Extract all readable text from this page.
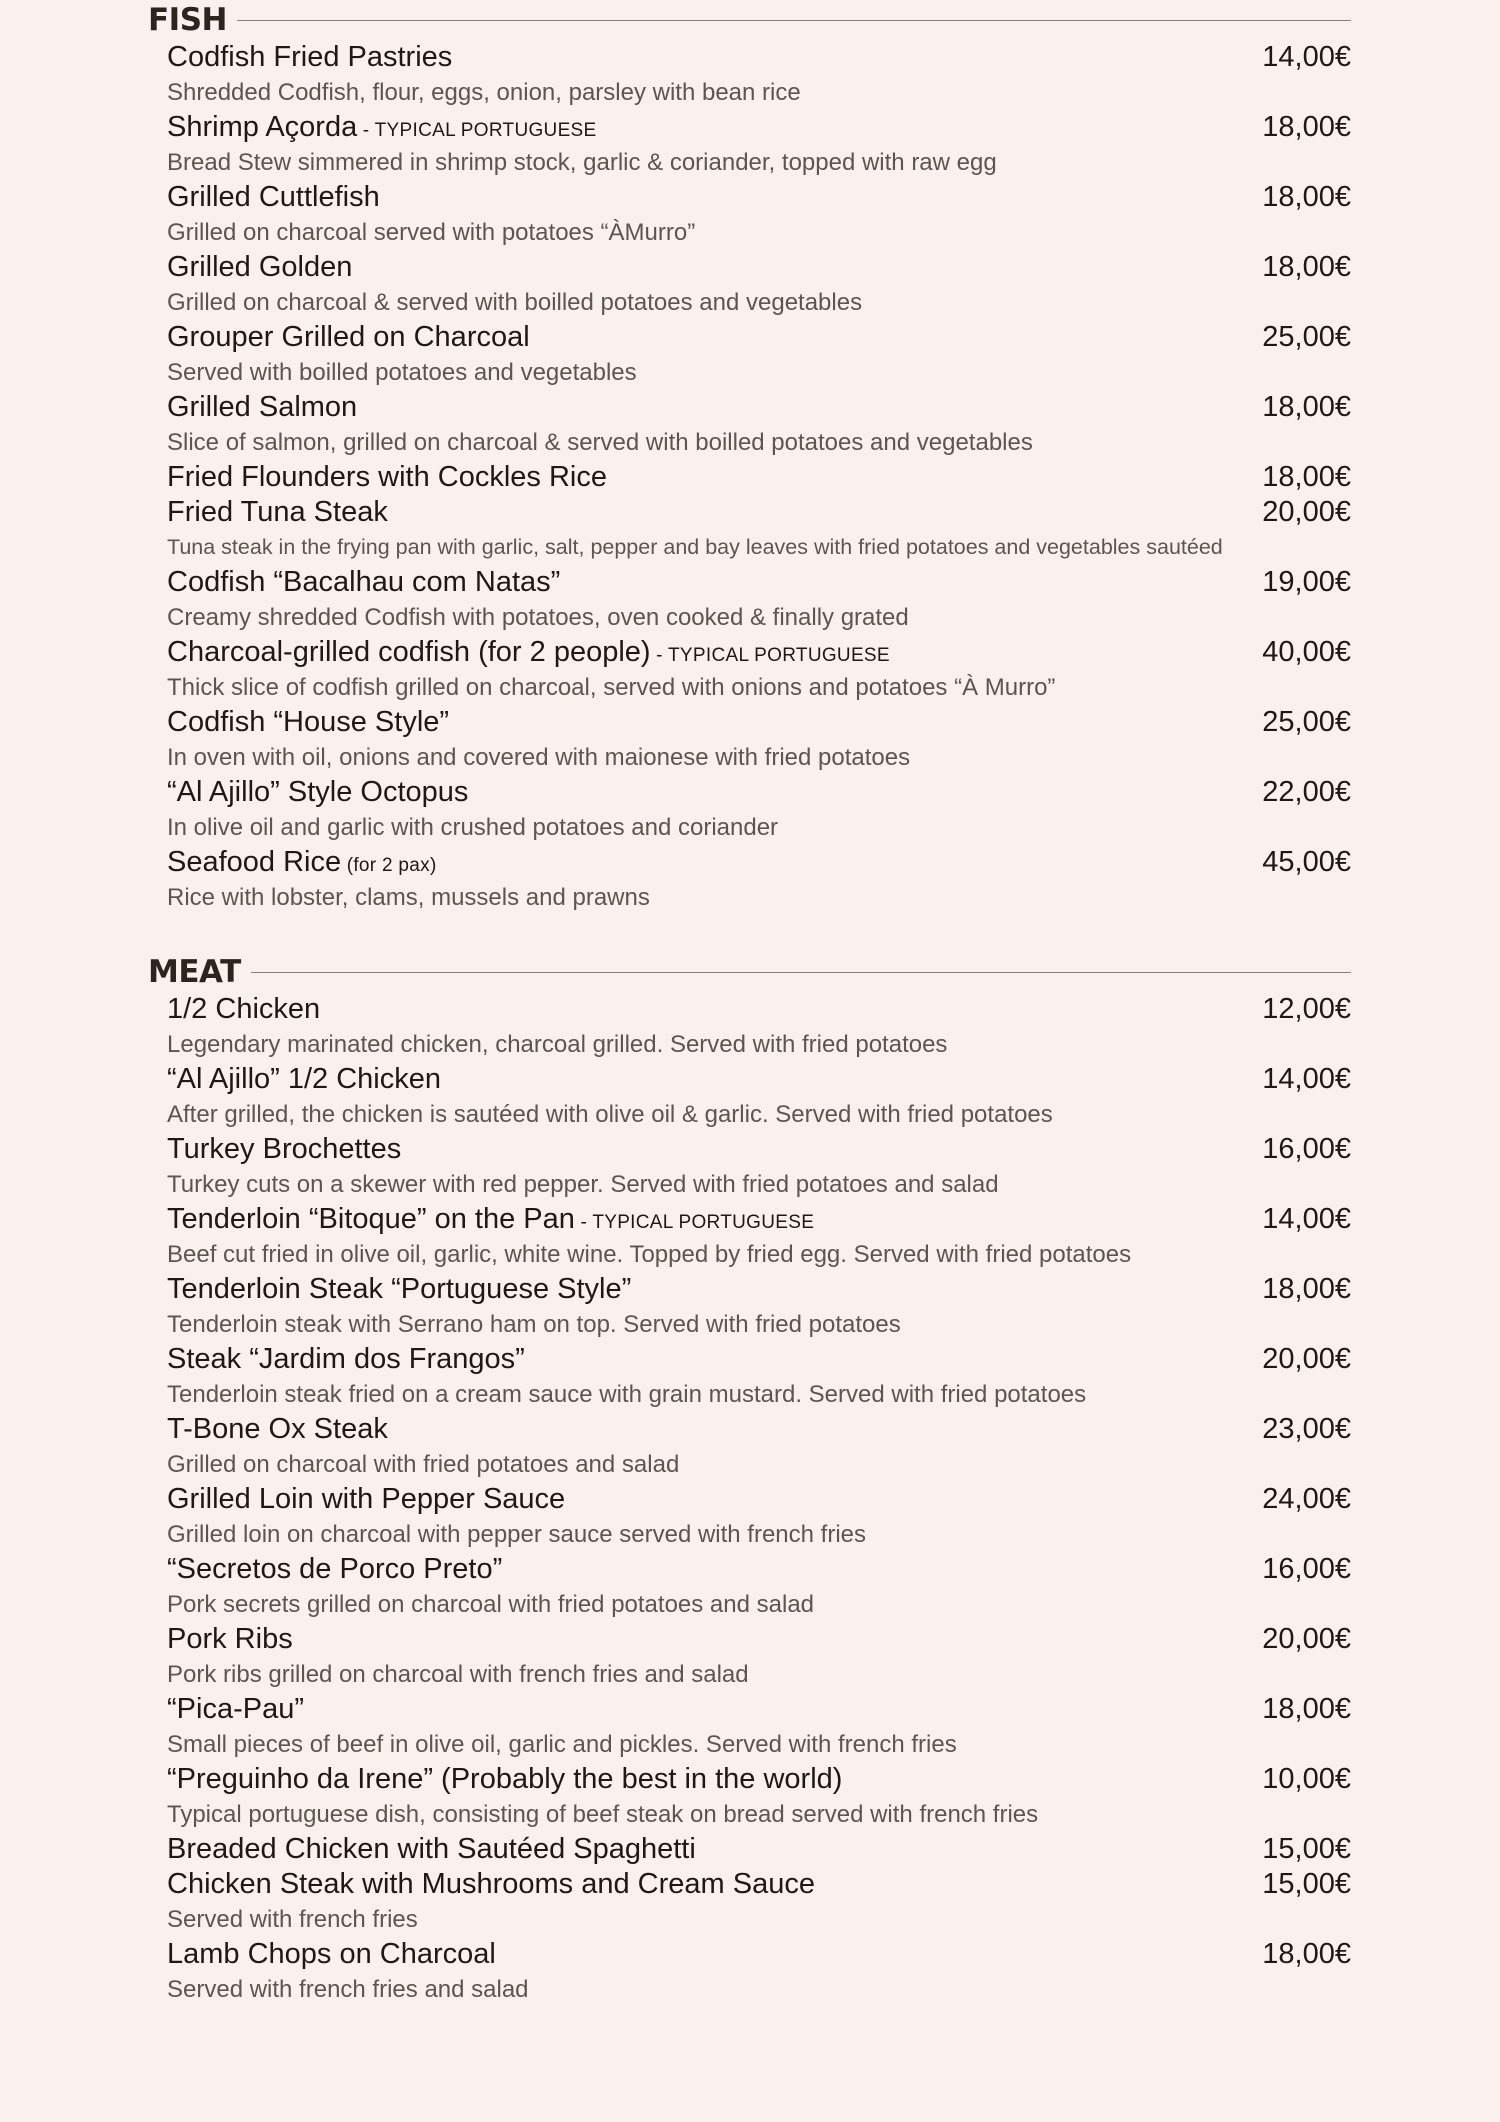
FISH
Codfish Fried Pastries	14,00€
Shredded Codfish, flour, eggs, onion, parsley with bean rice
Shrimp Açorda - TYPICAL PORTUGUESE	18,00€
Bread Stew simmered in shrimp stock, garlic & coriander, topped with raw egg
Grilled Cuttlefish	18,00€
Grilled on charcoal served with potatoes “ÀMurro”
Grilled Golden	18,00€
Grilled on charcoal & served with boilled potatoes and vegetables
Grouper Grilled on Charcoal	25,00€
Served with boilled potatoes and vegetables
Grilled Salmon	18,00€
Slice of salmon, grilled on charcoal & served with boilled potatoes and vegetables
Fried Flounders with Cockles Rice	18,00€
Fried Tuna Steak	20,00€
Tuna steak in the frying pan with garlic, salt, pepper and bay leaves with fried potatoes and vegetables sautéed
Codfish “Bacalhau com Natas”	19,00€
Creamy shredded Codfish with potatoes, oven cooked & finally grated
Charcoal-grilled codfish (for 2 people) - TYPICAL PORTUGUESE	40,00€
Thick slice of codfish grilled on charcoal, served with onions and potatoes “À Murro”
Codfish “House Style”	25,00€
In oven with oil, onions and covered with maionese with fried potatoes
“Al Ajillo” Style Octopus	22,00€
In olive oil and garlic with crushed potatoes and coriander
Seafood Rice (for 2 pax)	45,00€
Rice with lobster, clams, mussels and prawns
MEAT
1/2 Chicken	12,00€
Legendary marinated chicken, charcoal grilled. Served with fried potatoes
“Al Ajillo” 1/2 Chicken	14,00€
After grilled, the chicken is sautéed with olive oil & garlic. Served with fried potatoes
Turkey Brochettes	16,00€
Turkey cuts on a skewer with red pepper. Served with fried potatoes and salad
Tenderloin “Bitoque” on the Pan - TYPICAL PORTUGUESE	14,00€
Beef cut fried in olive oil, garlic, white wine. Topped by fried egg. Served with fried potatoes
Tenderloin Steak “Portuguese Style”	18,00€
Tenderloin steak with Serrano ham on top. Served with fried potatoes
Steak “Jardim dos Frangos”	20,00€
Tenderloin steak fried on a cream sauce with grain mustard. Served with fried potatoes
T-Bone Ox Steak	23,00€
Grilled on charcoal with fried potatoes and salad
Grilled Loin with Pepper Sauce	24,00€
Grilled loin on charcoal with pepper sauce served with french fries
“Secretos de Porco Preto”	16,00€
Pork secrets grilled on charcoal with fried potatoes and salad
Pork Ribs	20,00€
Pork ribs grilled on charcoal with french fries and salad
“Pica-Pau”	18,00€
Small pieces of beef in olive oil, garlic and pickles. Served with french fries
“Preguinho da Irene” (Probably the best in the world)	10,00€
Typical portuguese dish, consisting of beef steak on bread served with french fries
Breaded Chicken with Sautéed Spaghetti	15,00€
Chicken Steak with Mushrooms and Cream Sauce	15,00€
Served with french fries
Lamb Chops on Charcoal	18,00€
Served with french fries and salad
